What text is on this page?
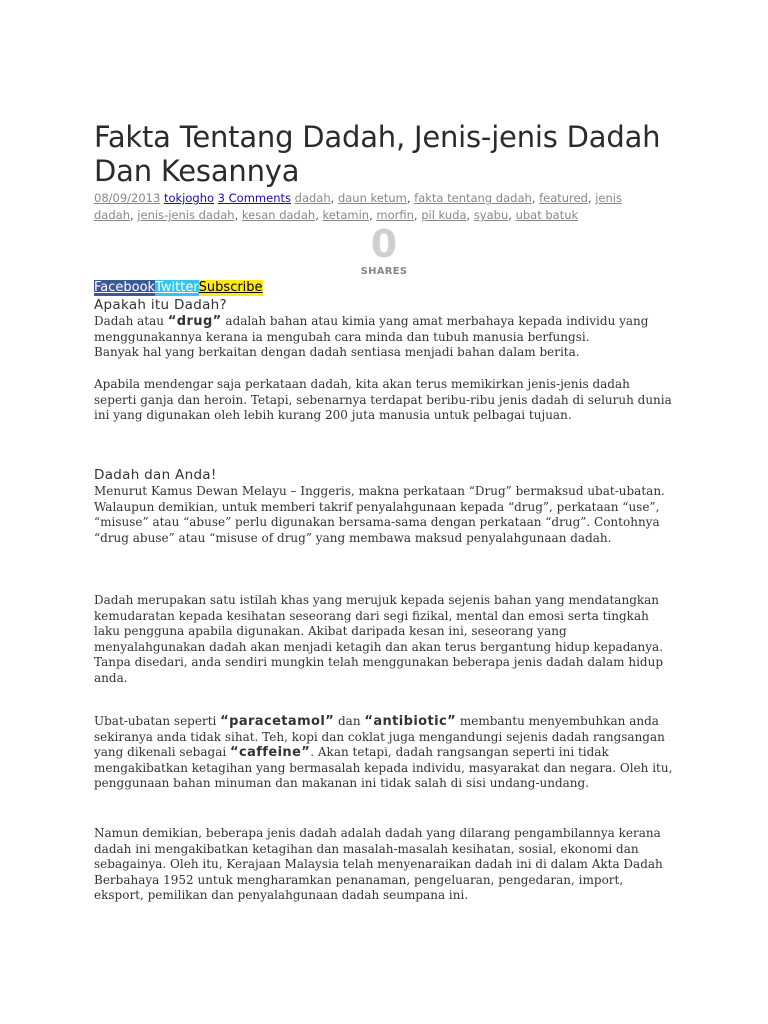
Fakta Tentang Dadah, Jenis-jenis Dadah Dan Kesannya
08/09/2013 tokjogho 3 Comments dadah, daun ketum, fakta tentang dadah, featured, jenis dadah, jenis-jenis dadah, kesan dadah, ketamin, morfin, pil kuda, syabu, ubat batuk
0
SHARES
FacebookTwitterSubscribe
Apakah itu Dadah?

Dadah atau “drug” adalah bahan atau kimia yang amat merbahaya kepada individu yang menggunakannya kerana ia mengubah cara minda dan tubuh manusia berfungsi.
Banyak hal yang berkaitan dengan dadah sentiasa menjadi bahan dalam berita.

Apabila mendengar saja perkataan dadah, kita akan terus memikirkan jenis-jenis dadah seperti ganja dan heroin. Tetapi, sebenarnya terdapat beribu-ribu jenis dadah di seluruh dunia ini yang digunakan oleh lebih kurang 200 juta manusia untuk pelbagai tujuan.

Dadah dan Anda!

Menurut Kamus Dewan Melayu – Inggeris, makna perkataan “Drug” bermaksud ubat-ubatan. Walaupun demikian, untuk memberi takrif penyalahgunaan kepada “drug”, perkataan “use”, “misuse” atau “abuse” perlu digunakan bersama-sama dengan perkataan “drug”. Contohnya “drug abuse” atau “misuse of drug” yang membawa maksud penyalahgunaan dadah.

Dadah merupakan satu istilah khas yang merujuk kepada sejenis bahan yang mendatangkan kemudaratan kepada kesihatan seseorang dari segi fizikal, mental dan emosi serta tingkah laku pengguna apabila digunakan. Akibat daripada kesan ini, seseorang yang menyalahgunakan dadah akan menjadi ketagih dan akan terus bergantung hidup kepadanya. Tanpa disedari, anda sendiri mungkin telah menggunakan beberapa jenis dadah dalam hidup anda.

Ubat-ubatan seperti “paracetamol” dan “antibiotic” membantu menyembuhkan anda sekiranya anda tidak sihat. Teh, kopi dan coklat juga mengandungi sejenis dadah rangsangan yang dikenali sebagai “caffeine”. Akan tetapi, dadah rangsangan seperti ini tidak mengakibatkan ketagihan yang bermasalah kepada individu, masyarakat dan negara. Oleh itu, penggunaan bahan minuman dan makanan ini tidak salah di sisi undang-undang.

Namun demikian, beberapa jenis dadah adalah dadah yang dilarang pengambilannya kerana dadah ini mengakibatkan ketagihan dan masalah-masalah kesihatan, sosial, ekonomi dan sebagainya. Oleh itu, Kerajaan Malaysia telah menyenaraikan dadah ini di dalam Akta Dadah Berbahaya 1952 untuk mengharamkan penanaman, pengeluaran, pengedaran, import, eksport, pemilikan dan penyalahgunaan dadah seumpana ini.
